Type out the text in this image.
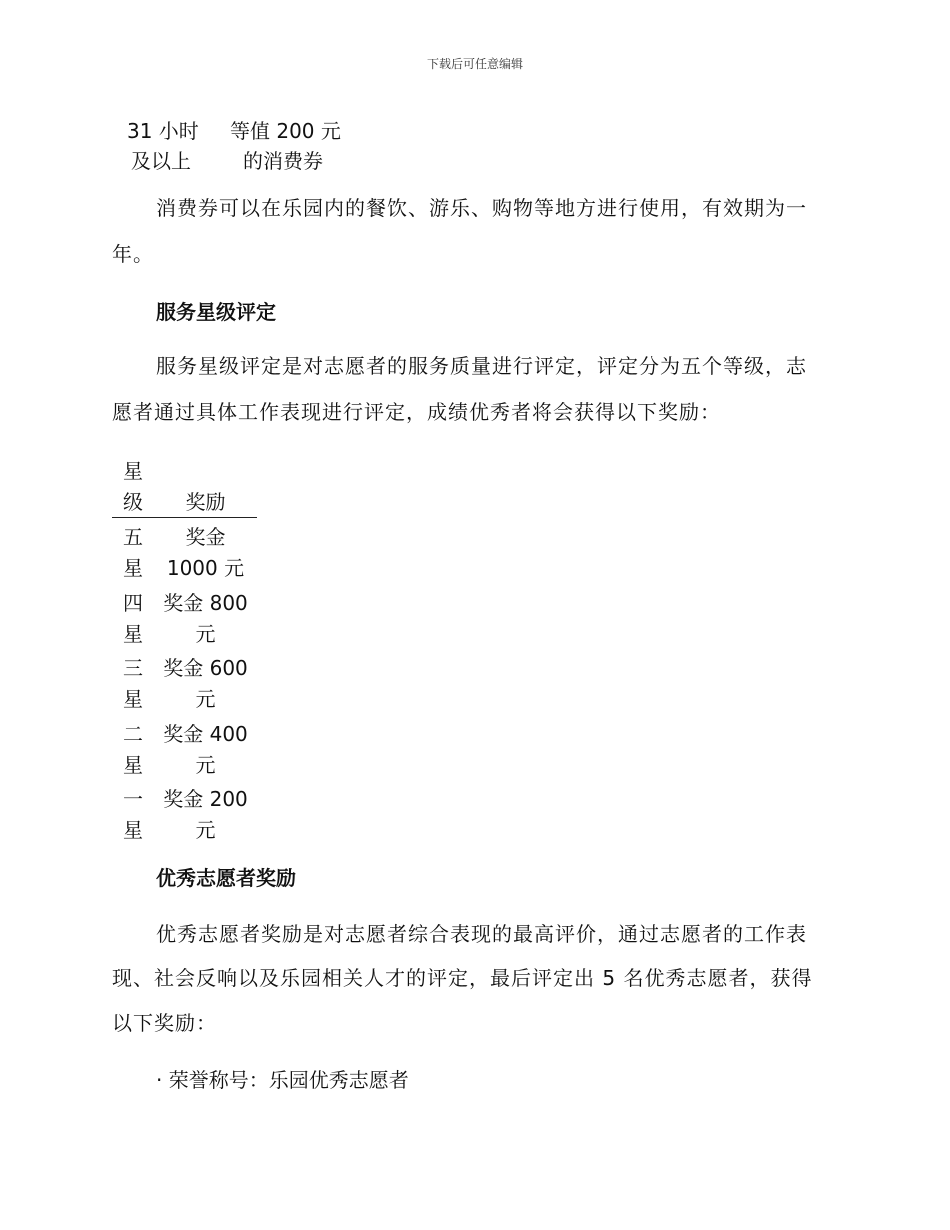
下载后可任意编辑
31 小时
及以上
等值 200 元
的消费券
消费券可以在乐园内的餐饮、游乐、购物等地方进行使用，有效期为一
年。
服务星级评定
服务星级评定是对志愿者的服务质量进行评定，评定分为五个等级，志
愿者通过具体工作表现进行评定，成绩优秀者将会获得以下奖励：
星
级	奖励
五
星
奖金
1000 元
四
星
奖金 800
元
三
星
奖金 600
元
二
星
奖金 400
元
一
星
奖金 200
元
优秀志愿者奖励
优秀志愿者奖励是对志愿者综合表现的最高评价，通过志愿者的工作表
现、社会反响以及乐园相关人才的评定，最后评定出 5 名优秀志愿者，获得
以下奖励：
· 荣誉称号：乐园优秀志愿者
